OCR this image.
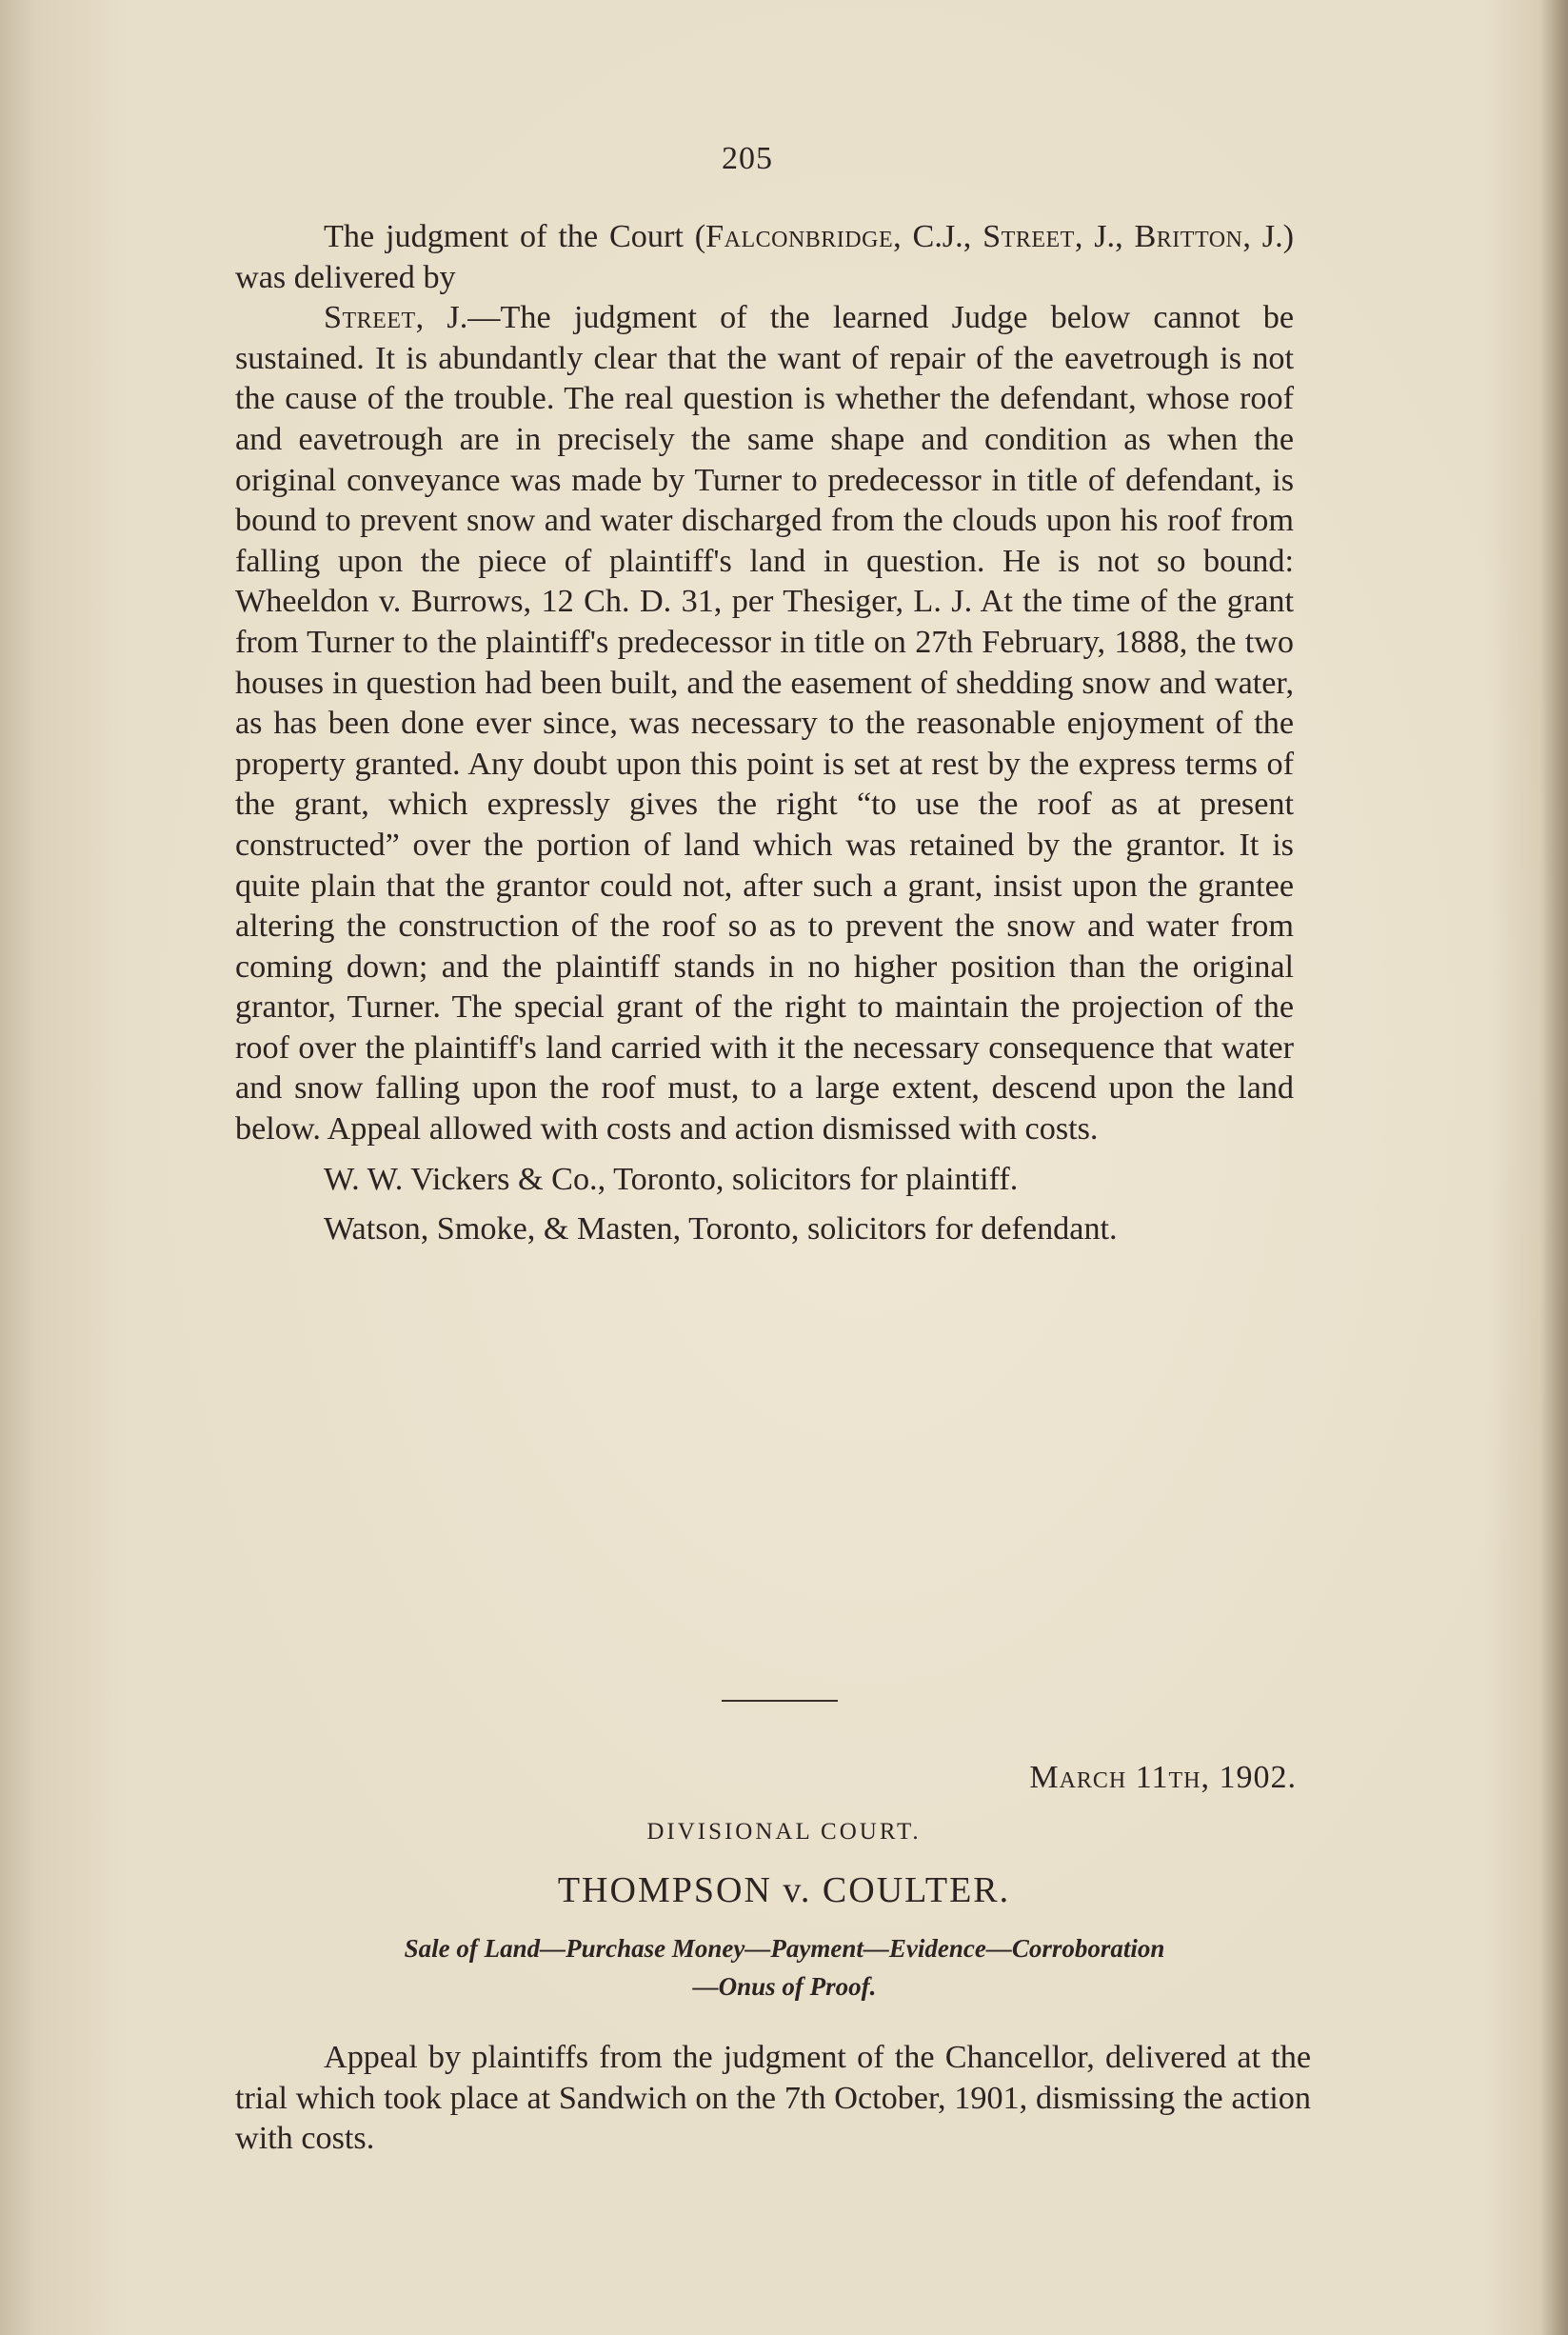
205

The judgment of the Court (Falconbridge, C.J., Street, J., Britton, J.) was delivered by

Street, J.—The judgment of the learned Judge below cannot be sustained. It is abundantly clear that the want of repair of the eavetrough is not the cause of the trouble. The real question is whether the defendant, whose roof and eavetrough are in precisely the same shape and condition as when the original conveyance was made by Turner to predecessor in title of defendant, is bound to prevent snow and water discharged from the clouds upon his roof from falling upon the piece of plaintiff's land in question. He is not so bound: Wheeldon v. Burrows, 12 Ch. D. 31, per Thesiger, L. J. At the time of the grant from Turner to the plaintiff's predecessor in title on 27th February, 1888, the two houses in question had been built, and the easement of shedding snow and water, as has been done ever since, was necessary to the reasonable enjoyment of the property granted. Any doubt upon this point is set at rest by the express terms of the grant, which expressly gives the right “to use the roof as at present constructed” over the portion of land which was retained by the grantor. It is quite plain that the grantor could not, after such a grant, insist upon the grantee altering the construction of the roof so as to prevent the snow and water from coming down; and the plaintiff stands in no higher position than the original grantor, Turner. The special grant of the right to maintain the projection of the roof over the plaintiff's land carried with it the necessary consequence that water and snow falling upon the roof must, to a large extent, descend upon the land below. Appeal allowed with costs and action dismissed with costs.

W. W. Vickers & Co., Toronto, solicitors for plaintiff.

Watson, Smoke, & Masten, Toronto, solicitors for defendant.

March 11th, 1902.
DIVISIONAL COURT.
THOMPSON v. COULTER.
Sale of Land—Purchase Money—Payment—Evidence—Corroboration
—Onus of Proof.

Appeal by plaintiffs from the judgment of the Chancellor, delivered at the trial which took place at Sandwich on the 7th October, 1901, dismissing the action with costs.
